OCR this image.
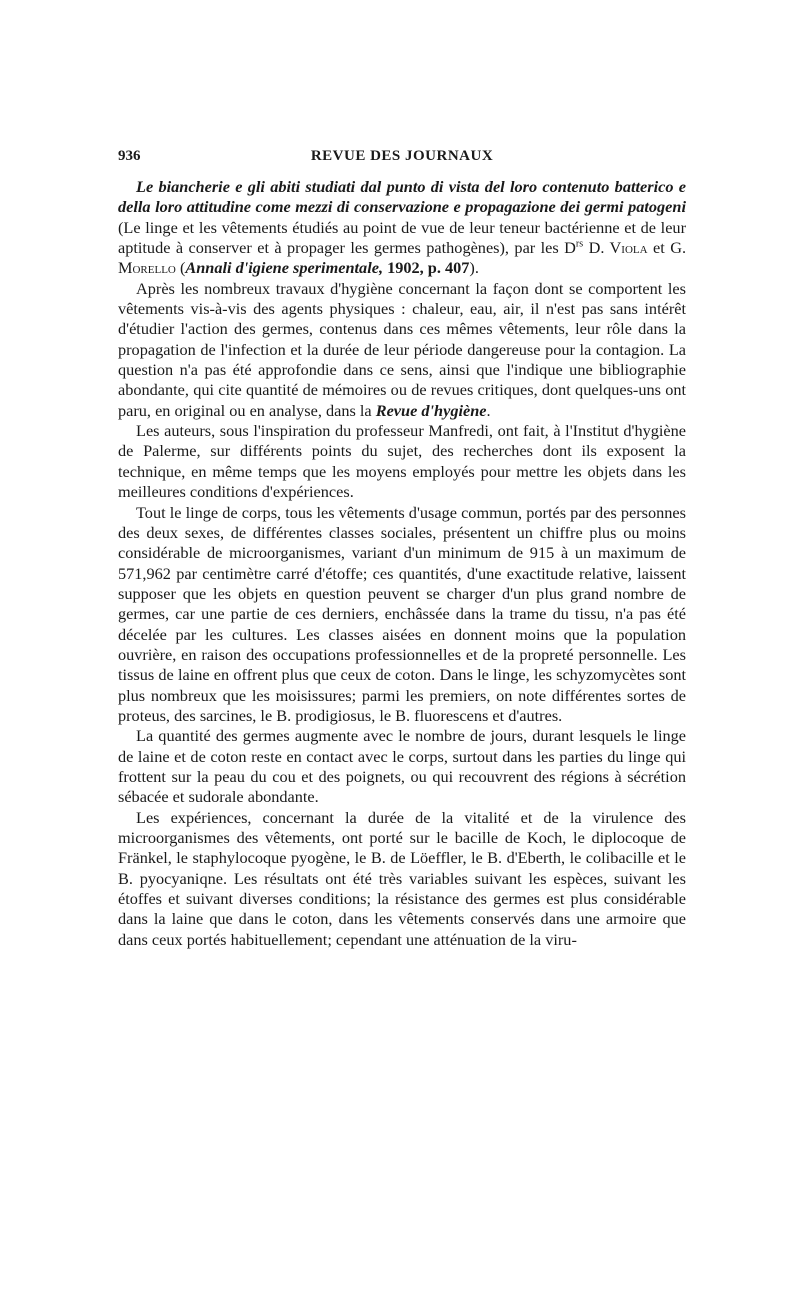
936	REVUE DES JOURNAUX

Le biancherie e gli abiti studiati dal punto di vista del loro contenuto batterico e della loro attitudine come mezzi di conservazione e propagazione dei germi patogeni (Le linge et les vêtements étudiés au point de vue de leur teneur bactérienne et de leur aptitude à conserver et à propager les germes pathogènes), par les $D^{rs}$ D. Viola et G. Morello (Annali d'igiene sperimentale, 1902, p. 407).

Après les nombreux travaux d'hygiène concernant la façon dont se comportent les vêtements vis-à-vis des agents physiques : chaleur, eau, air, il n'est pas sans intérêt d'étudier l'action des germes, contenus dans ces mêmes vêtements, leur rôle dans la propagation de l'infection et la durée de leur période dangereuse pour la contagion. La question n'a pas été approfondie dans ce sens, ainsi que l'indique une bibliographie abondante, qui cite quantité de mémoires ou de revues critiques, dont quelques-uns ont paru, en original ou en analyse, dans la Revue d'hygiène.

Les auteurs, sous l'inspiration du professeur Manfredi, ont fait, à l'Institut d'hygiène de Palerme, sur différents points du sujet, des recherches dont ils exposent la technique, en même temps que les moyens employés pour mettre les objets dans les meilleures conditions d'expériences.

Tout le linge de corps, tous les vêtements d'usage commun, portés par des personnes des deux sexes, de différentes classes sociales, présentent un chiffre plus ou moins considérable de microorganismes, variant d'un minimum de 915 à un maximum de 571,962 par centimètre carré d'étoffe; ces quantités, d'une exactitude relative, laissent supposer que les objets en question peuvent se charger d'un plus grand nombre de germes, car une partie de ces derniers, enchâssée dans la trame du tissu, n'a pas été décelée par les cultures. Les classes aisées en donnent moins que la population ouvrière, en raison des occupations professionnelles et de la propreté personnelle. Les tissus de laine en offrent plus que ceux de coton. Dans le linge, les schyzomycètes sont plus nombreux que les moisissures; parmi les premiers, on note différentes sortes de proteus, des sarcines, le B. prodigiosus, le B. fluorescens et d'autres.

La quantité des germes augmente avec le nombre de jours, durant lesquels le linge de laine et de coton reste en contact avec le corps, surtout dans les parties du linge qui frottent sur la peau du cou et des poignets, ou qui recouvrent des régions à sécrétion sébacée et sudorale abondante.

Les expériences, concernant la durée de la vitalité et de la virulence des microorganismes des vêtements, ont porté sur le bacille de Koch, le diplocoque de Fränkel, le staphylocoque pyogène, le B. de Löeffler, le B. d'Eberth, le colibacille et le B. pyocyaniqne. Les résultats ont été très variables suivant les espèces, suivant les étoffes et suivant diverses conditions; la résistance des germes est plus considérable dans la laine que dans le coton, dans les vêtements conservés dans une armoire que dans ceux portés habituellement; cependant une atténuation de la viru-
